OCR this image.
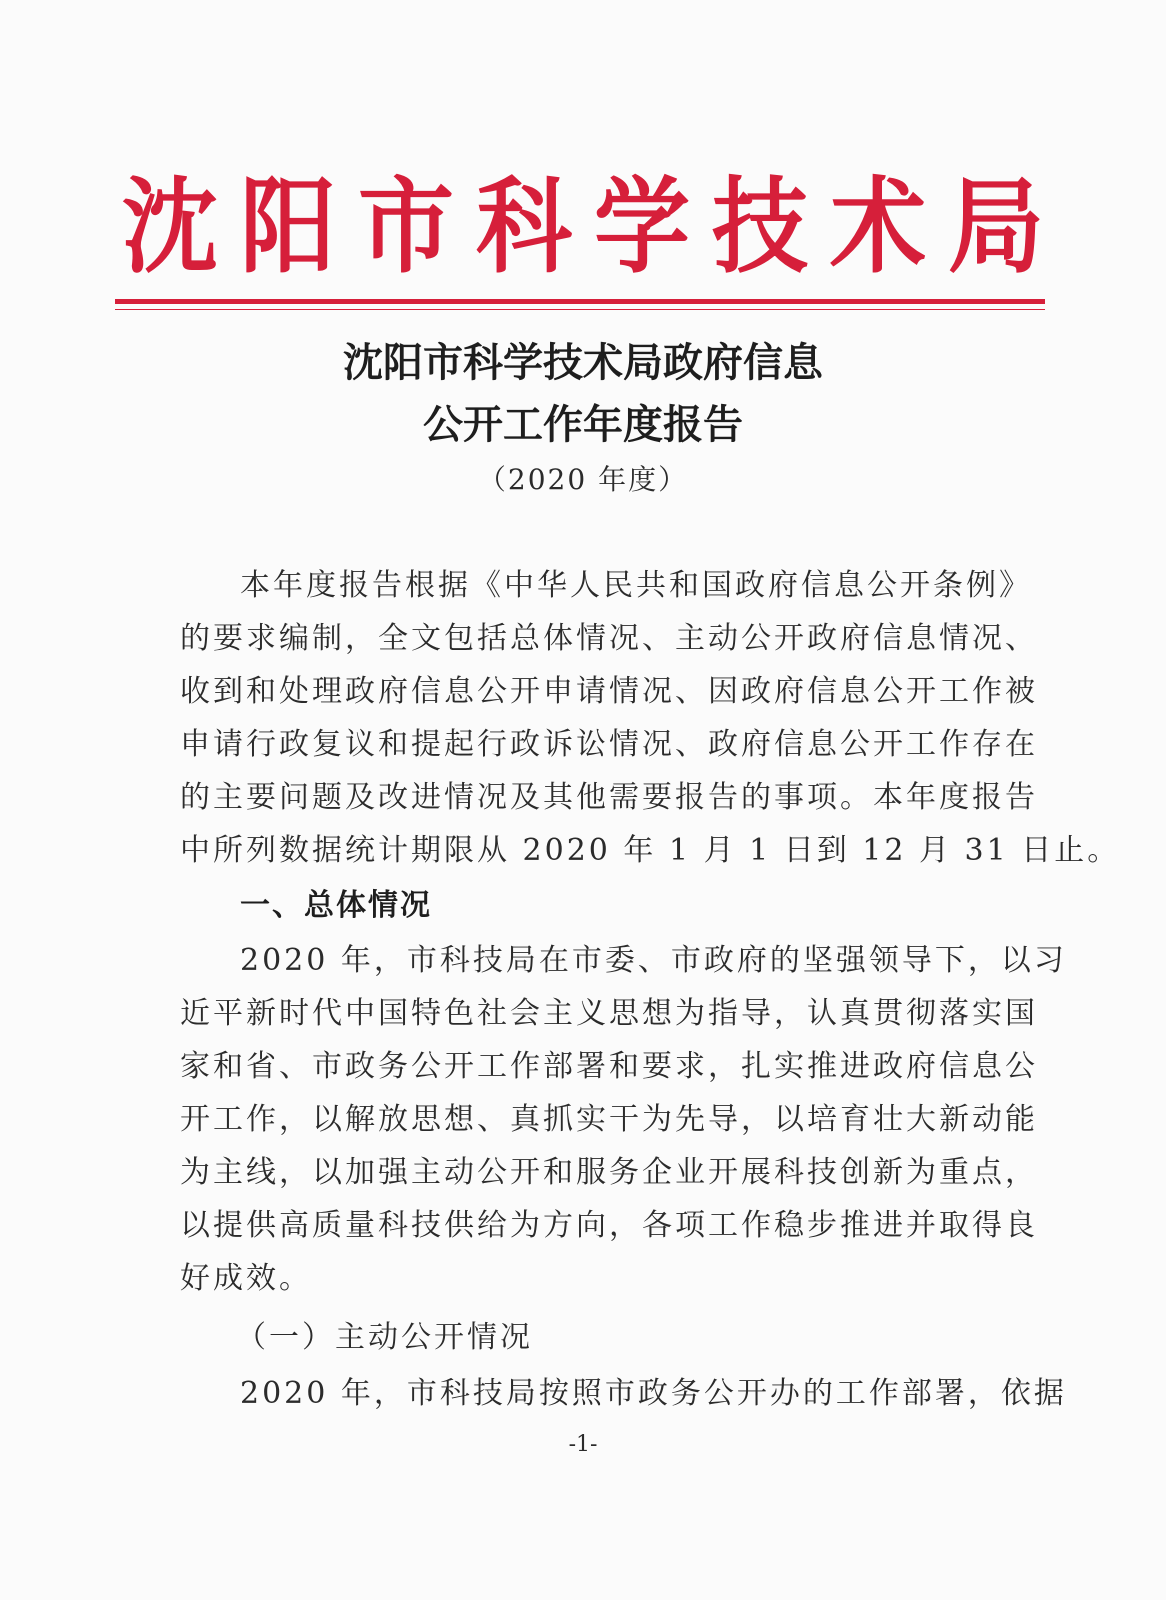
沈阳市科学技术局
沈阳市科学技术局政府信息
公开工作年度报告
（2020 年度）
本年度报告根据《中华人民共和国政府信息公开条例》
的要求编制，全文包括总体情况、主动公开政府信息情况、
收到和处理政府信息公开申请情况、因政府信息公开工作被
申请行政复议和提起行政诉讼情况、政府信息公开工作存在
的主要问题及改进情况及其他需要报告的事项。本年度报告
中所列数据统计期限从 2020 年 1 月 1 日到 12 月 31 日止。
一、总体情况
2020 年，市科技局在市委、市政府的坚强领导下，以习
近平新时代中国特色社会主义思想为指导，认真贯彻落实国
家和省、市政务公开工作部署和要求，扎实推进政府信息公
开工作，以解放思想、真抓实干为先导，以培育壮大新动能
为主线，以加强主动公开和服务企业开展科技创新为重点，
以提供高质量科技供给为方向，各项工作稳步推进并取得良
好成效。
（一）主动公开情况
2020 年，市科技局按照市政务公开办的工作部署，依据
-1-
